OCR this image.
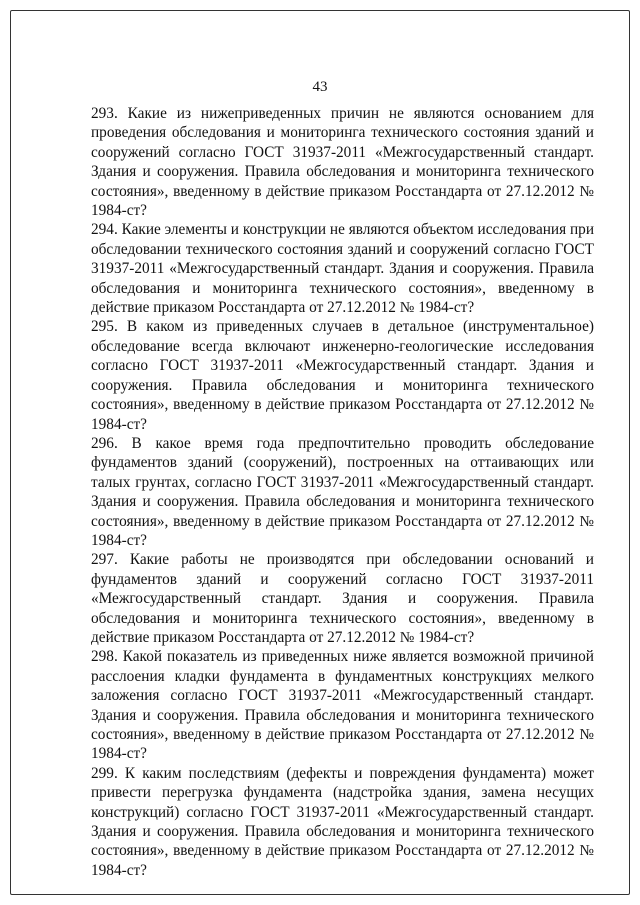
43

293. Какие из нижеприведенных причин не являются основанием для проведения обследования и мониторинга технического состояния зданий и сооружений согласно ГОСТ 31937-2011 «Межгосударственный стандарт. Здания и сооружения. Правила обследования и мониторинга технического состояния», введенному в действие приказом Росстандарта от 27.12.2012 № 1984-ст?

294. Какие элементы и конструкции не являются объектом исследования при обследовании технического состояния зданий и сооружений согласно ГОСТ 31937-2011 «Межгосударственный стандарт. Здания и сооружения. Правила обследования и мониторинга технического состояния», введенному в действие приказом Росстандарта от 27.12.2012 № 1984-ст?

295. В каком из приведенных случаев в детальное (инструментальное) обследование всегда включают инженерно-геологические исследования согласно ГОСТ 31937-2011 «Межгосударственный стандарт. Здания и сооружения. Правила обследования и мониторинга технического состояния», введенному в действие приказом Росстандарта от 27.12.2012 № 1984-ст?

296. В какое время года предпочтительно проводить обследование фундаментов зданий (сооружений), построенных на оттаивающих или талых грунтах, согласно ГОСТ 31937-2011 «Межгосударственный стандарт. Здания и сооружения. Правила обследования и мониторинга технического состояния», введенному в действие приказом Росстандарта от 27.12.2012 № 1984-ст?

297. Какие работы не производятся при обследовании оснований и фундаментов зданий и сооружений согласно ГОСТ 31937-2011 «Межгосударственный стандарт. Здания и сооружения. Правила обследования и мониторинга технического состояния», введенному в действие приказом Росстандарта от 27.12.2012 № 1984-ст?

298. Какой показатель из приведенных ниже является возможной причиной расслоения кладки фундамента в фундаментных конструкциях мелкого заложения согласно ГОСТ 31937-2011 «Межгосударственный стандарт. Здания и сооружения. Правила обследования и мониторинга технического состояния», введенному в действие приказом Росстандарта от 27.12.2012 № 1984-ст?

299. К каким последствиям (дефекты и повреждения фундамента) может привести перегрузка фундамента (надстройка здания, замена несущих конструкций) согласно ГОСТ 31937-2011 «Межгосударственный стандарт. Здания и сооружения. Правила обследования и мониторинга технического состояния», введенному в действие приказом Росстандарта от 27.12.2012 № 1984-ст?
